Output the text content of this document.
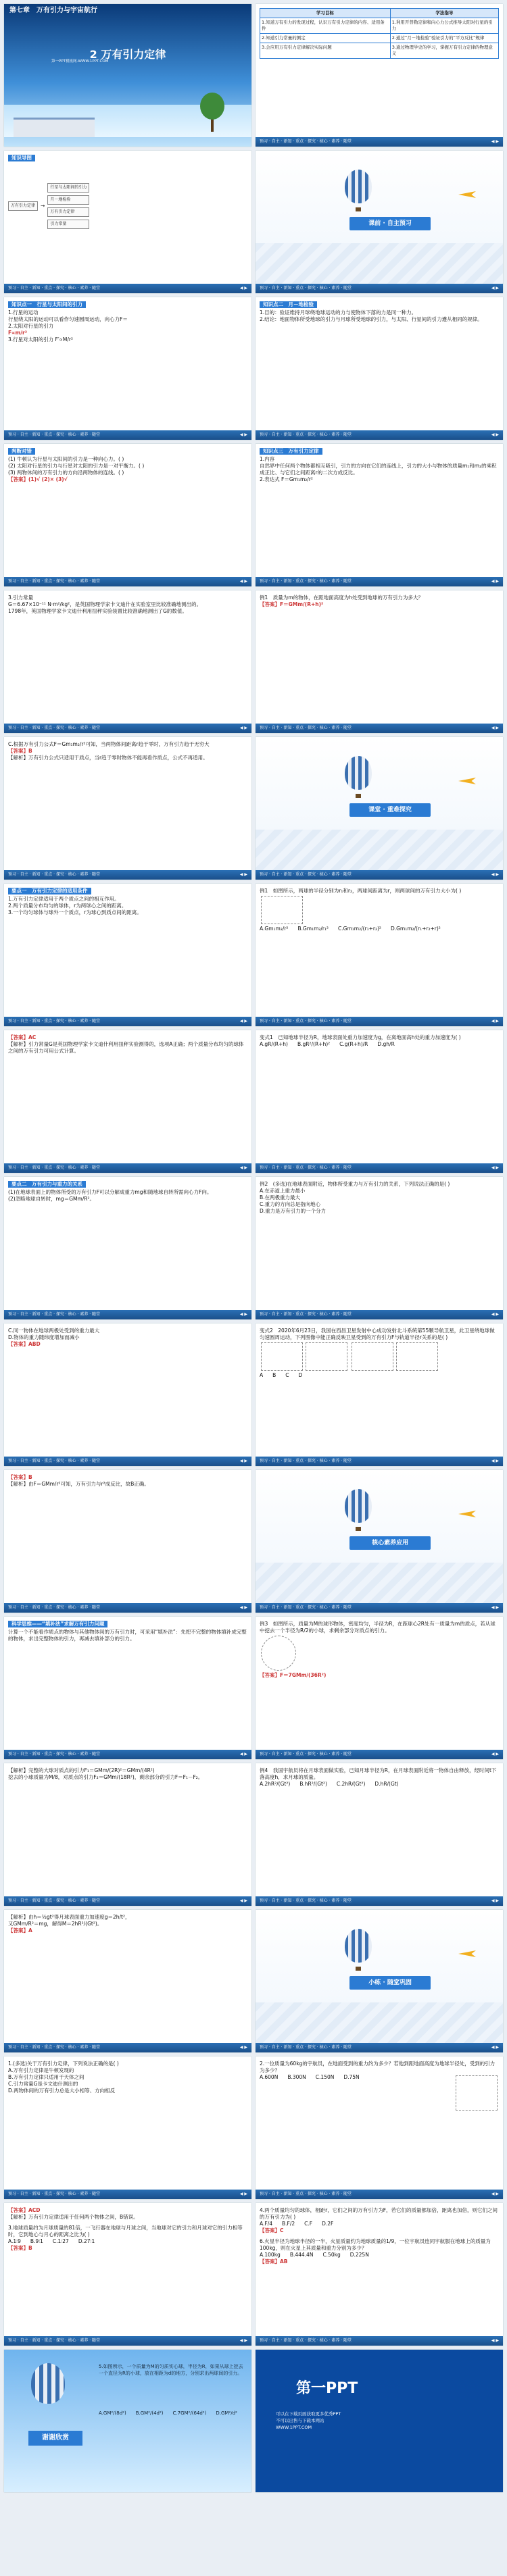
第七章　万有引力与宇宙航行
2 万有引力定律
第一PPT模板网-WWW.1PPT.COM
学习目标	学法指导
1.知道万有引力的发现过程，认识万有引力定律的内容、适用条件	1.利用开普勒定律和向心力公式推导太阳对行星的引力
2.知道引力常量的测定	2.通过“月－地检验”验证引力的“平方反比”规律
3.会应用万有引力定律解决实际问题	3.通过物理学史的学习，掌握万有引力定律的物理意义
预习 · 自主 · 新知 · 重点 · 探究 · 核心 · 素养 · 随堂	◀ ▶
知识导图
万有引力定律	→
行星与太阳间的引力
月－地检验
万有引力定律
引力常量
预习 · 自主 · 新知 · 重点 · 探究 · 核心 · 素养 · 随堂	◀ ▶
课前 · 自主预习
预习 · 自主 · 新知 · 重点 · 探究 · 核心 · 素养 · 随堂	◀ ▶
知识点一　行星与太阳间的引力
1.行星的运动
行星绕太阳的运动可以看作匀速圆周运动，向心力F＝
2.太阳对行星的引力
F∝m/r²
3.行星对太阳的引力 F′∝M/r²
预习 · 自主 · 新知 · 重点 · 探究 · 核心 · 素养 · 随堂	◀ ▶
知识点二　月－地检验
1.目的：验证维持月球绕地球运动的力与使物体下落的力是同一种力。
2.结论：地面物体所受地球的引力与月球所受地球的引力，与太阳、行星间的引力遵从相同的规律。
预习 · 自主 · 新知 · 重点 · 探究 · 核心 · 素养 · 随堂	◀ ▶
判断对错
(1) 牛顿认为行星与太阳间的引力是一种向心力。( )
(2) 太阳对行星的引力与行星对太阳的引力是一对平衡力。( )
(3) 两物体间的万有引力的方向沿两物体的连线。( )
【答案】(1)√ (2)× (3)√
预习 · 自主 · 新知 · 重点 · 探究 · 核心 · 素养 · 随堂	◀ ▶
知识点三　万有引力定律
1.内容
自然界中任何两个物体都相互吸引，引力的方向在它们的连线上，引力的大小与物体的质量m₁和m₂的乘积成正比、与它们之间距离r的二次方成反比。
2.表达式 F＝Gm₁m₂/r²
预习 · 自主 · 新知 · 重点 · 探究 · 核心 · 素养 · 随堂	◀ ▶
3.引力常量
G＝6.67×10⁻¹¹ N·m²/kg²，是英国物理学家卡文迪什在实验室里比较准确地测出的。
1798年，英国物理学家卡文迪什利用扭秤实验装置比较准确地测出了G的数值。
预习 · 自主 · 新知 · 重点 · 探究 · 核心 · 素养 · 随堂	◀ ▶
例1　质量为m的物体，在距地面高度为h处受到地球的万有引力为多大？
【答案】F＝GMm/(R+h)²
预习 · 自主 · 新知 · 重点 · 探究 · 核心 · 素养 · 随堂	◀ ▶
C.根据万有引力公式F＝Gm₁m₂/r²可知，当两物体间距离r趋于零时，万有引力趋于无穷大
【答案】B
【解析】万有引力公式只适用于质点，当r趋于零时物体不能再看作质点，公式不再适用。
预习 · 自主 · 新知 · 重点 · 探究 · 核心 · 素养 · 随堂	◀ ▶
课堂 · 重难探究
预习 · 自主 · 新知 · 重点 · 探究 · 核心 · 素养 · 随堂	◀ ▶
要点一　万有引力定律的适用条件
1.万有引力定律适用于两个质点之间的相互作用。
2.两个质量分布均匀的球体，r为两球心之间的距离。
3.一个均匀球体与球外一个质点，r为球心到质点间的距离。
预习 · 自主 · 新知 · 重点 · 探究 · 核心 · 素养 · 随堂	◀ ▶
例1　如图所示，两球的半径分别为r₁和r₂，两球间距离为r，则两球间的万有引力大小为( )
A.Gm₁m₂/r² B.Gm₁m₂/r₁² C.Gm₁m₂/(r₁+r₂)² D.Gm₁m₂/(r₁+r₂+r)²
预习 · 自主 · 新知 · 重点 · 探究 · 核心 · 素养 · 随堂	◀ ▶
【答案】AC
【解析】引力常量G是英国物理学家卡文迪什利用扭秤实验测得的，选项A正确；两个质量分布均匀的球体之间的万有引力可用公式计算。
预习 · 自主 · 新知 · 重点 · 探究 · 核心 · 素养 · 随堂	◀ ▶
变式1　已知地球半径为R，地球表面处重力加速度为g，在离地面高h处的重力加速度为( )
A.gR/(R+h) B.gR²/(R+h)² C.g(R+h)/R D.gh/R
预习 · 自主 · 新知 · 重点 · 探究 · 核心 · 素养 · 随堂	◀ ▶
要点二　万有引力与重力的关系
(1)在地球表面上的物体所受的万有引力F可以分解成重力mg和随地球自转所需向心力F向。
(2)忽略地球自转时，mg＝GMm/R²。
预习 · 自主 · 新知 · 重点 · 探究 · 核心 · 素养 · 随堂	◀ ▶
例2　(多选)在地球表面附近，物体所受重力与万有引力的关系，下列说法正确的是( )
A.在赤道上重力最小
B.在两极重力最大
C.重力的方向总是指向地心
D.重力是万有引力的一个分力
预习 · 自主 · 新知 · 重点 · 探究 · 核心 · 素养 · 随堂	◀ ▶
C.同一物体在地球两极处受到的重力最大
D.物体的重力随纬度增加而减小
【答案】ABD
预习 · 自主 · 新知 · 重点 · 探究 · 核心 · 素养 · 随堂	◀ ▶
变式2　2020年6月23日，我国在西昌卫星发射中心成功发射北斗系统第55颗导航卫星，此卫星绕地球做匀速圆周运动，下列图像中能正确反映卫星受到的万有引力F与轨道半径r关系的是( )

A B C D
预习 · 自主 · 新知 · 重点 · 探究 · 核心 · 素养 · 随堂	◀ ▶
【答案】B
【解析】由F＝GMm/r²可知，万有引力与r²成反比，故B正确。
预习 · 自主 · 新知 · 重点 · 探究 · 核心 · 素养 · 随堂	◀ ▶
核心素养应用
预习 · 自主 · 新知 · 重点 · 探究 · 核心 · 素养 · 随堂	◀ ▶
科学思维——“填补法”求解万有引力问题
计算一个不能看作质点的物体与其他物体间的万有引力时，可采用“填补法”：先把不完整的物体填补成完整的物体，求出完整物体的引力，再减去填补部分的引力。
预习 · 自主 · 新知 · 重点 · 探究 · 核心 · 素养 · 随堂	◀ ▶
例3　如图所示，质量为M的球形物体，密度均匀，半径为R，在距球心2R处有一质量为m的质点，若从球中挖去一个半径为R/2的小球，求剩余部分对质点的引力。
【答案】F＝7GMm/(36R²)
预习 · 自主 · 新知 · 重点 · 探究 · 核心 · 素养 · 随堂	◀ ▶
【解析】完整的大球对质点的引力F₁＝GMm/(2R)²＝GMm/(4R²)
挖去的小球质量为M/8，对质点的引力F₂＝GMm/(18R²)，剩余部分的引力F＝F₁－F₂。
预习 · 自主 · 新知 · 重点 · 探究 · 核心 · 素养 · 随堂	◀ ▶
例4　我国宇航员将在月球表面做实验，已知月球半径为R，在月球表面附近将一物体自由释放，经时间t下落高度h，求月球的质量。
A.2hR²/(Gt²) B.hR²/(Gt²) C.2hR/(Gt²) D.hR/(Gt)
预习 · 自主 · 新知 · 重点 · 探究 · 核心 · 素养 · 随堂	◀ ▶
【解析】由h＝½gt²得月球表面重力加速度g＝2h/t²，
又GMm/R²＝mg，解得M＝2hR²/(Gt²)。
【答案】A
预习 · 自主 · 新知 · 重点 · 探究 · 核心 · 素养 · 随堂	◀ ▶
小练 · 随堂巩固
预习 · 自主 · 新知 · 重点 · 探究 · 核心 · 素养 · 随堂	◀ ▶
1.(多选)关于万有引力定律，下列说法正确的是( )
A.万有引力定律是牛顿发现的
B.万有引力定律只适用于天体之间
C.引力常量G是卡文迪什测出的
D.两物体间的万有引力总是大小相等、方向相反
预习 · 自主 · 新知 · 重点 · 探究 · 核心 · 素养 · 随堂	◀ ▶
2.一位质量为60kg的宇航员，在地面受到的重力约为多少？若他到距地面高度为地球半径处，受到的引力为多少？
A.600N B.300N C.150N D.75N
预习 · 自主 · 新知 · 重点 · 探究 · 核心 · 素养 · 随堂	◀ ▶
【答案】ACD
【解析】万有引力定律适用于任何两个物体之间，B错误。
3.地球质量约为月球质量的81倍，一飞行器在地球与月球之间，当地球对它的引力和月球对它的引力相等时，它到地心与月心的距离之比为( )
A.1∶9 B.9∶1 C.1∶27 D.27∶1
【答案】B
预习 · 自主 · 新知 · 重点 · 探究 · 核心 · 素养 · 随堂	◀ ▶
4.两个质量均匀的球体，相距r，它们之间的万有引力为F，若它们的质量都加倍，距离也加倍，则它们之间的万有引力为( )
A.F/4 B.F/2 C.F D.2F
【答案】C
6.火星半径为地球半径的一半，火星质量约为地球质量的1/9，一位宇航员连同宇航服在地球上的质量为100kg，则在火星上其质量和重力分别为多少？
A.100kg B.444.4N C.50kg D.225N
【答案】AB
预习 · 自主 · 新知 · 重点 · 探究 · 核心 · 素养 · 随堂	◀ ▶
谢谢欣赏
5.如图所示，一个质量为M的匀质实心球，半径为R，如果从球上挖去一个直径为R的小球，放在相距为d的地方，分别求出两球间的引力。
A.GM²/(8d²) B.GM²/(4d²) C.7GM²/(64d²) D.GM²/d²
第一PPT
可以在下载页面获取更多优秀PPT
不可以出售与下载本网站
WWW.1PPT.COM
